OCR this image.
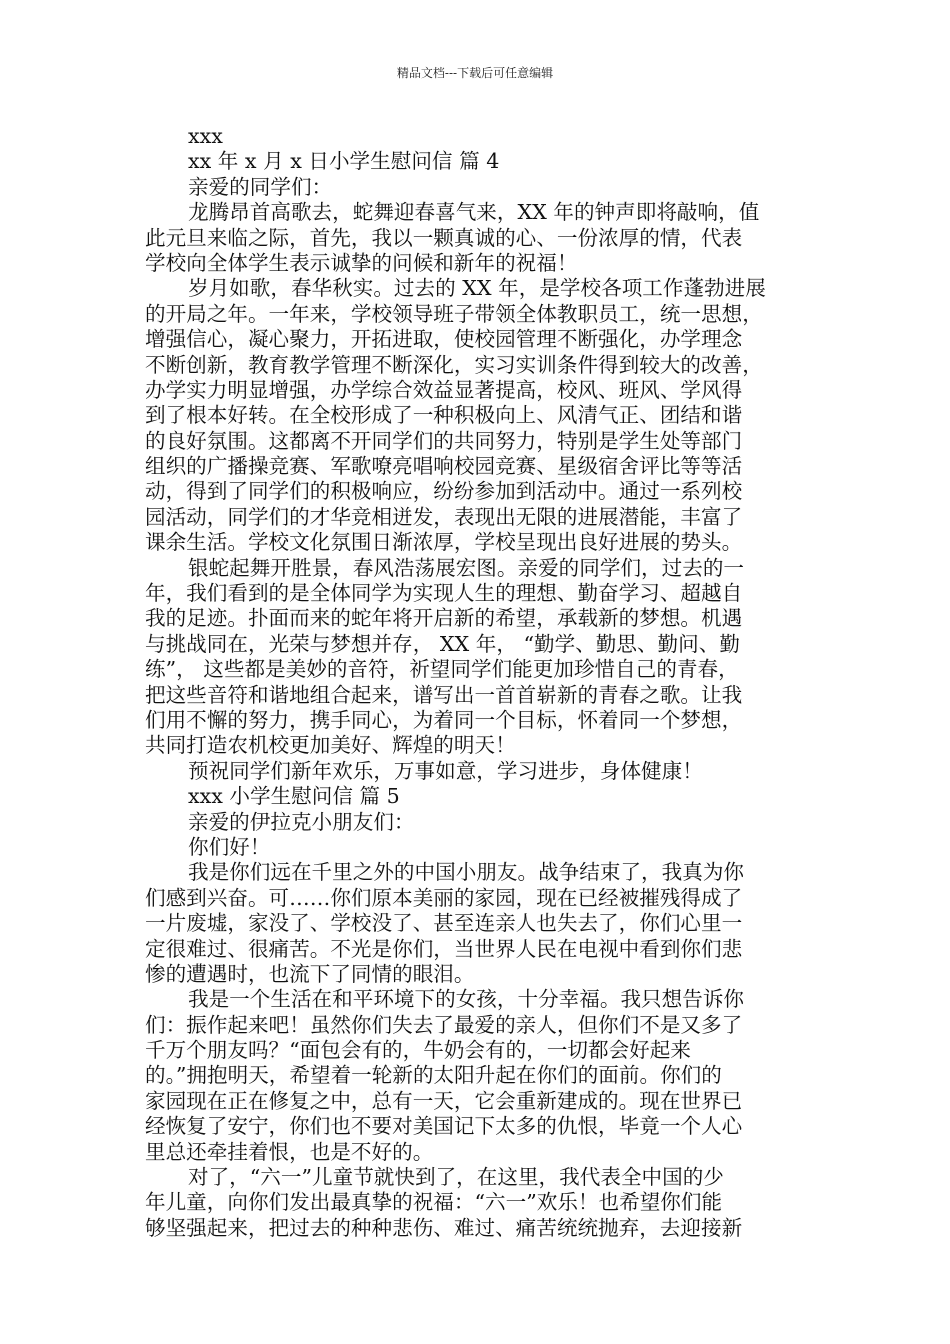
精品文档---下载后可任意编辑
xxx
xx 年 x 月 x 日小学生慰问信 篇 4
亲爱的同学们：
龙腾昂首高歌去，蛇舞迎春喜气来，XX 年的钟声即将敲响，值
此元旦来临之际，首先，我以一颗真诚的心、一份浓厚的情，代表
学校向全体学生表示诚挚的问候和新年的祝福！
岁月如歌，春华秋实。过去的 XX 年，是学校各项工作蓬勃进展
的开局之年。一年来，学校领导班子带领全体教职员工，统一思想，
增强信心，凝心聚力，开拓进取，使校园管理不断强化，办学理念
不断创新，教育教学管理不断深化，实习实训条件得到较大的改善，
办学实力明显增强，办学综合效益显著提高，校风、班风、学风得
到了根本好转。在全校形成了一种积极向上、风清气正、团结和谐
的良好氛围。这都离不开同学们的共同努力，特别是学生处等部门
组织的广播操竞赛、军歌嘹亮唱响校园竞赛、星级宿舍评比等等活
动，得到了同学们的积极响应，纷纷参加到活动中。通过一系列校
园活动，同学们的才华竞相迸发，表现出无限的进展潜能，丰富了
课余生活。学校文化氛围日渐浓厚，学校呈现出良好进展的势头。
银蛇起舞开胜景，春风浩荡展宏图。亲爱的同学们，过去的一
年，我们看到的是全体同学为实现人生的理想、勤奋学习、超越自
我的足迹。扑面而来的蛇年将开启新的希望，承载新的梦想。机遇
与挑战同在，光荣与梦想并存， XX 年， “勤学、勤思、勤问、勤
练”， 这些都是美妙的音符，祈望同学们能更加珍惜自己的青春，
把这些音符和谐地组合起来，谱写出一首首崭新的青春之歌。让我
们用不懈的努力，携手同心，为着同一个目标，怀着同一个梦想，
共同打造农机校更加美好、辉煌的明天！
预祝同学们新年欢乐，万事如意，学习进步，身体健康！
xxx 小学生慰问信 篇 5
亲爱的伊拉克小朋友们：
你们好！
我是你们远在千里之外的中国小朋友。战争结束了，我真为你
们感到兴奋。可……你们原本美丽的家园，现在已经被摧残得成了
一片废墟，家没了、学校没了、甚至连亲人也失去了，你们心里一
定很难过、很痛苦。不光是你们，当世界人民在电视中看到你们悲
惨的遭遇时，也流下了同情的眼泪。
我是一个生活在和平环境下的女孩，十分幸福。我只想告诉你
们：振作起来吧！虽然你们失去了最爱的亲人，但你们不是又多了
千万个朋友吗？“面包会有的，牛奶会有的，一切都会好起来
的。”拥抱明天，希望着一轮新的太阳升起在你们的面前。你们的
家园现在正在修复之中，总有一天，它会重新建成的。现在世界已
经恢复了安宁，你们也不要对美国记下太多的仇恨，毕竟一个人心
里总还牵挂着恨，也是不好的。
对了，“六一”儿童节就快到了，在这里，我代表全中国的少
年儿童，向你们发出最真挚的祝福：“六一”欢乐！也希望你们能
够坚强起来，把过去的种种悲伤、难过、痛苦统统抛弃，去迎接新
